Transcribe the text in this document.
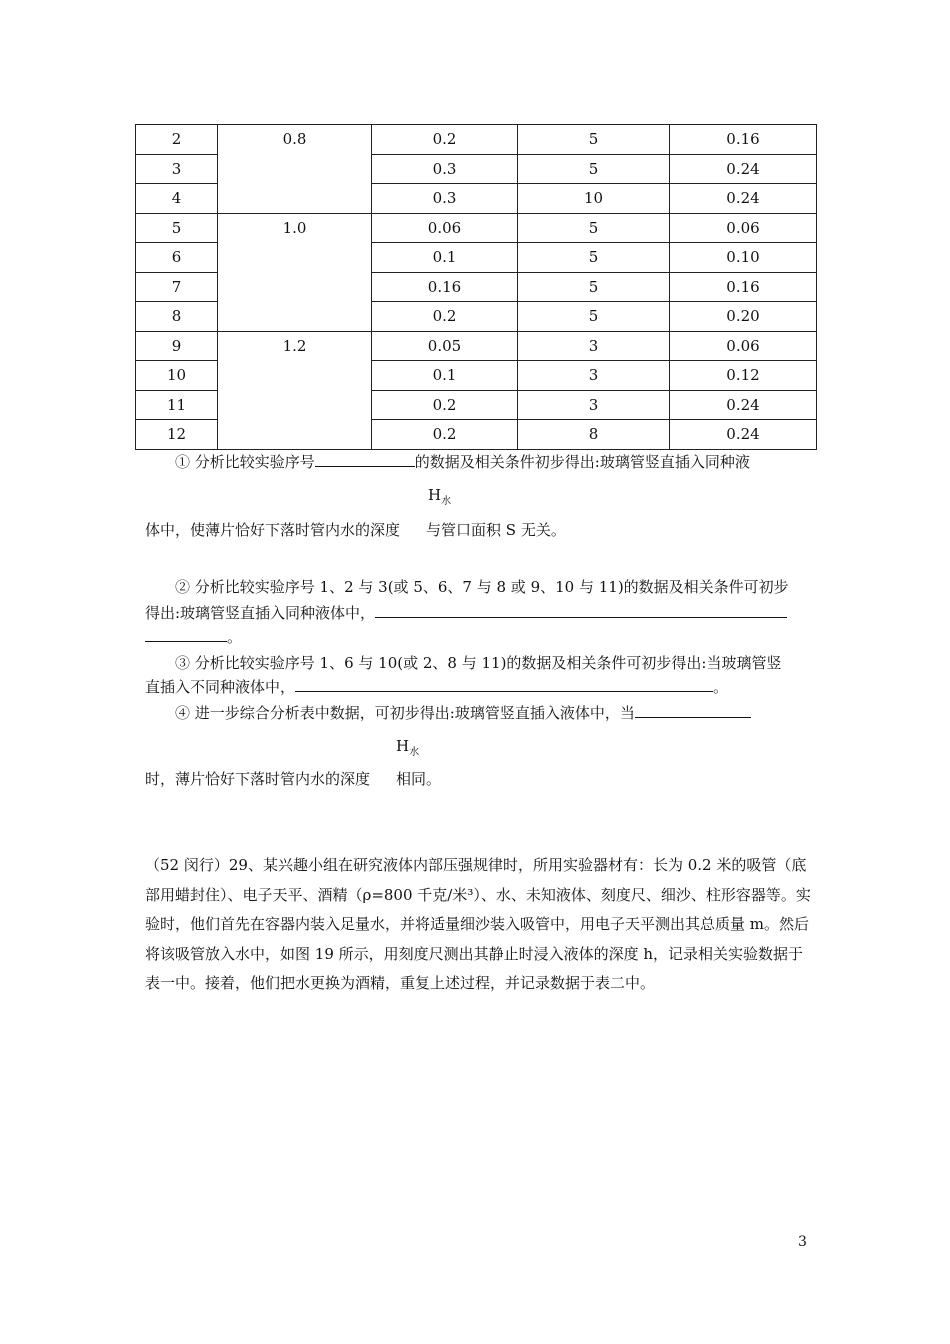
2	0.8	0.2	5	0.16
3		0.3	5	0.24
4		0.3	10	0.24
5	1.0	0.06	5	0.06
6		0.1	5	0.10
7		0.16	5	0.16
8		0.2	5	0.20
9	1.2	0.05	3	0.06
10		0.1	3	0.12
11		0.2	3	0.24
12		0.2	8	0.24
① 分析比较实验序号	的数据及相关条件初步得出:玻璃管竖直插入同种液
$H_水$
体中，使薄片恰好下落时管内水的深度 与管口面积 S 无关。
② 分析比较实验序号 1、2 与 3(或 5、6、7 与 8 或 9、10 与 11)的数据及相关条件可初步
得出:玻璃管竖直插入同种液体中，
。
③ 分析比较实验序号 1、6 与 10(或 2、8 与 11)的数据及相关条件可初步得出:当玻璃管竖
直插入不同种液体中，	。
④ 进一步综合分析表中数据，可初步得出:玻璃管竖直插入液体中，当
$H_水$
时，薄片恰好下落时管内水的深度 相同。
（52 闵行）29、某兴趣小组在研究液体内部压强规律时，所用实验器材有：长为 0.2 米的吸管（底部用蜡封住）、电子天平、酒精（ρ=800 千克/米³）、水、未知液体、刻度尺、细沙、柱形容器等。实验时，他们首先在容器内装入足量水，并将适量细沙装入吸管中，用电子天平测出其总质量 m。然后将该吸管放入水中，如图 19 所示，用刻度尺测出其静止时浸入液体的深度 h，记录相关实验数据于表一中。接着，他们把水更换为酒精，重复上述过程，并记录数据于表二中。
3
